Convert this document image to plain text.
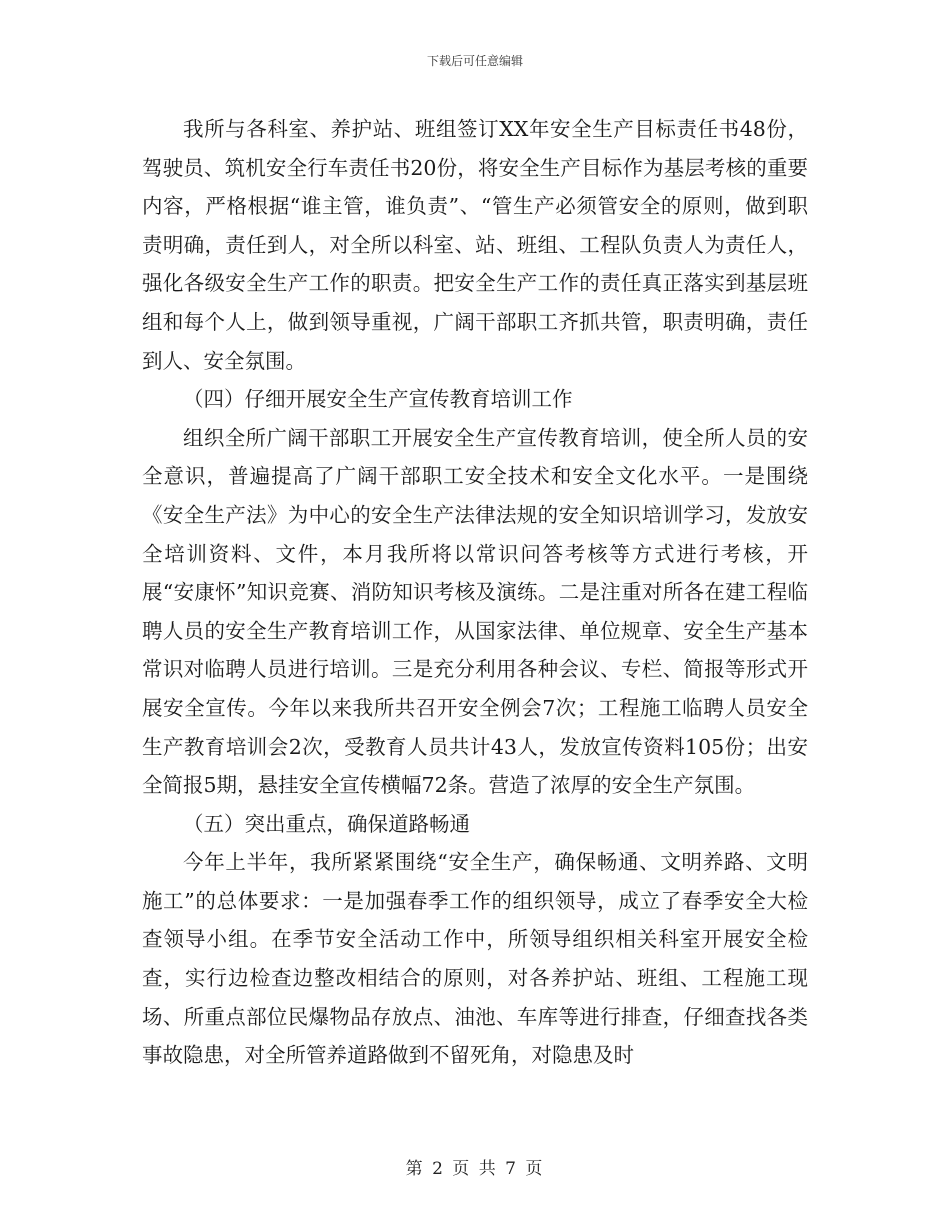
下载后可任意编辑

我所与各科室、养护站、班组签订XX年安全生产目标责任书48份，驾驶员、筑机安全行车责任书20份，将安全生产目标作为基层考核的重要内容，严格根据“谁主管，谁负责”、“管生产必须管安全的原则，做到职责明确，责任到人，对全所以科室、站、班组、工程队负责人为责任人，强化各级安全生产工作的职责。把安全生产工作的责任真正落实到基层班组和每个人上，做到领导重视，广阔干部职工齐抓共管，职责明确，责任到人、安全氛围。

（四）仔细开展安全生产宣传教育培训工作

组织全所广阔干部职工开展安全生产宣传教育培训，使全所人员的安全意识，普遍提高了广阔干部职工安全技术和安全文化水平。一是围绕《安全生产法》为中心的安全生产法律法规的安全知识培训学习，发放安全培训资料、文件，本月我所将以常识问答考核等方式进行考核，开展“安康怀”知识竞赛、消防知识考核及演练。二是注重对所各在建工程临聘人员的安全生产教育培训工作，从国家法律、单位规章、安全生产基本常识对临聘人员进行培训。三是充分利用各种会议、专栏、简报等形式开展安全宣传。今年以来我所共召开安全例会7次；工程施工临聘人员安全生产教育培训会2次，受教育人员共计43人，发放宣传资料105份；出安全简报5期，悬挂安全宣传横幅72条。营造了浓厚的安全生产氛围。

（五）突出重点，确保道路畅通

今年上半年，我所紧紧围绕“安全生产，确保畅通、文明养路、文明施工”的总体要求：一是加强春季工作的组织领导，成立了春季安全大检查领导小组。在季节安全活动工作中，所领导组织相关科室开展安全检查，实行边检查边整改相结合的原则，对各养护站、班组、工程施工现场、所重点部位民爆物品存放点、油池、车库等进行排查，仔细查找各类事故隐患，对全所管养道路做到不留死角，对隐患及时

第 2 页 共 7 页
